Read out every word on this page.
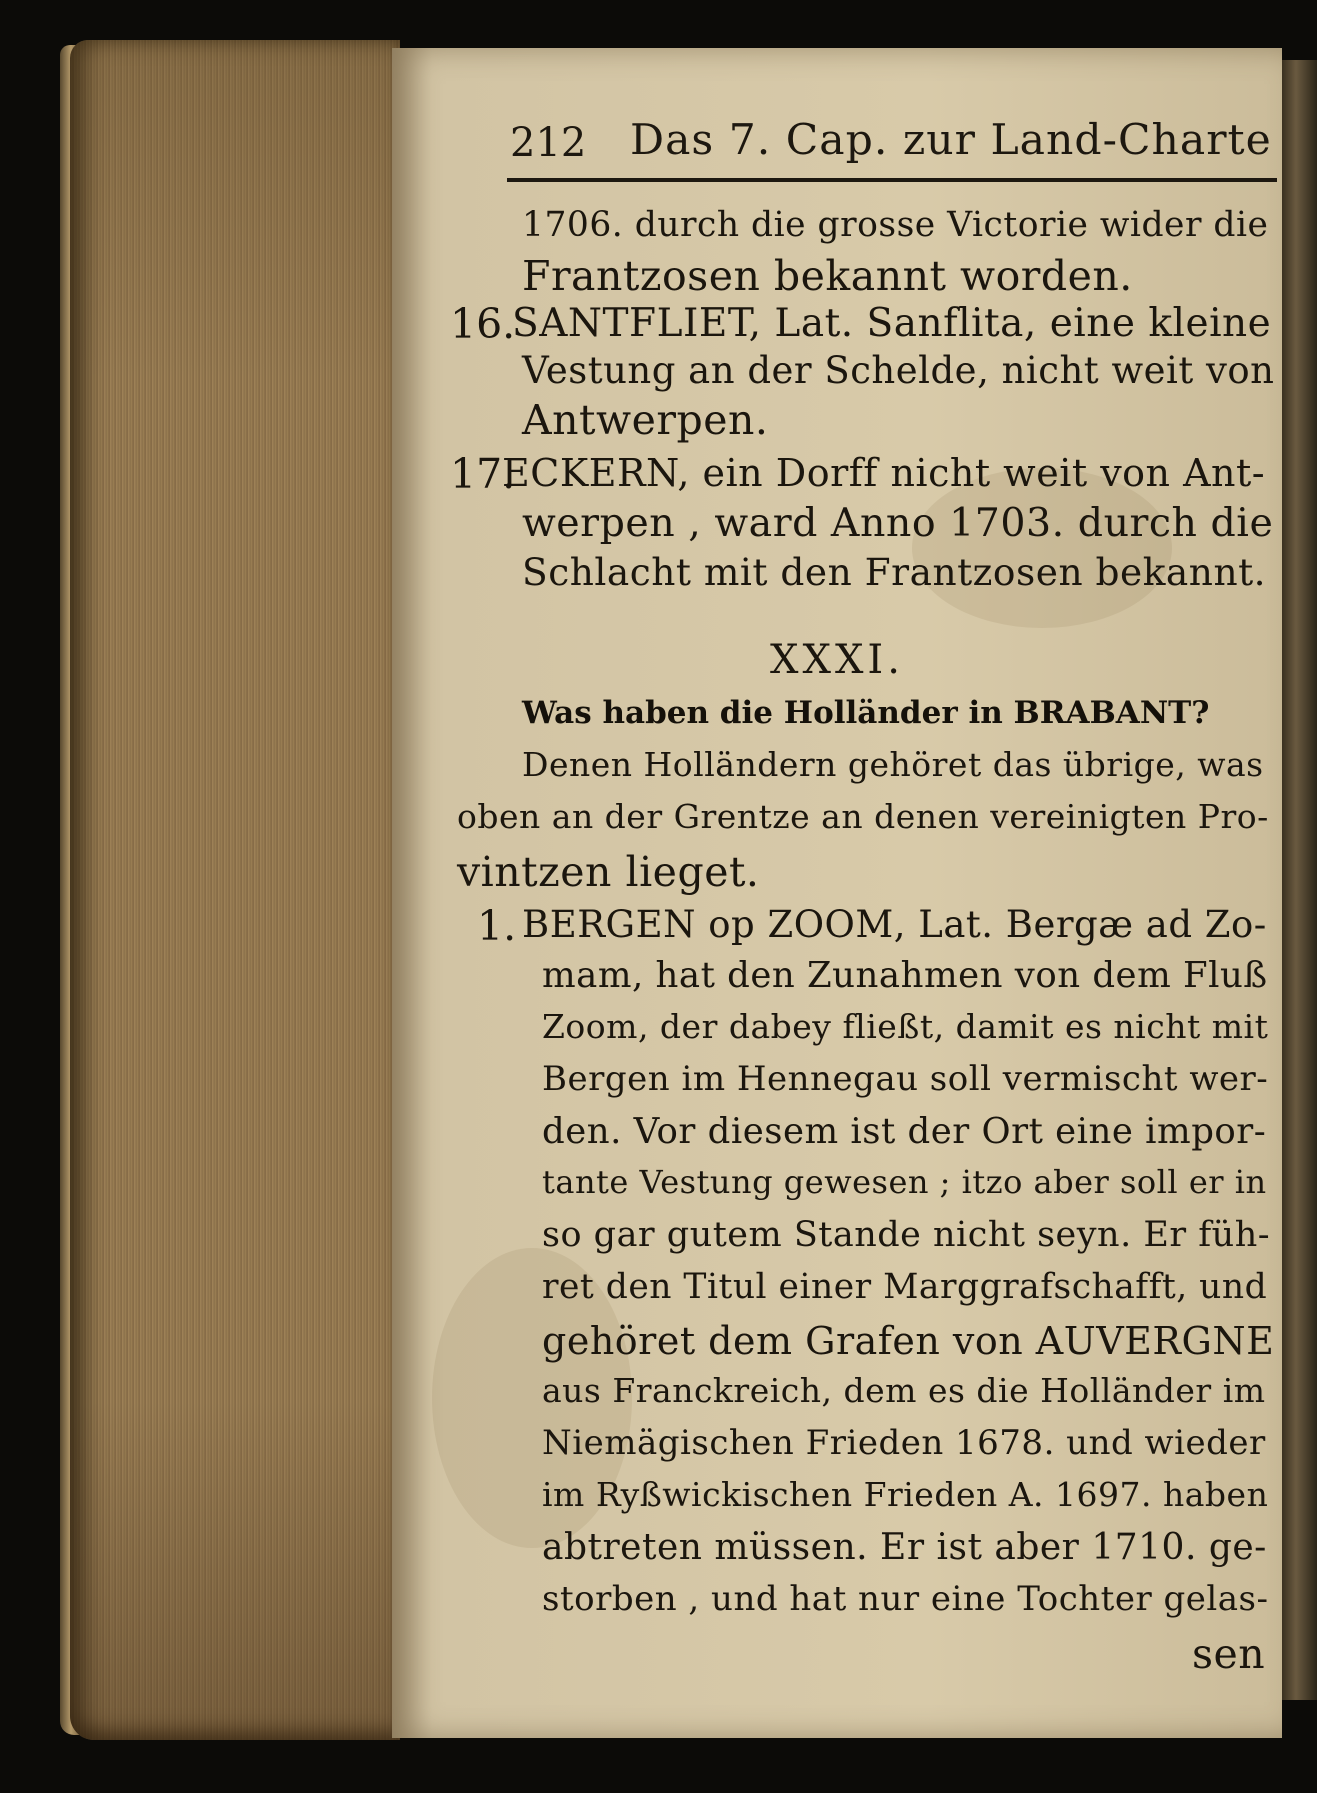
212 Das 7. Cap. zur Land-Charte
1706. durch die grosse Victorie wider die
Frantzosen bekannt worden.
16.
SANTFLIET, Lat. Sanflita, eine kleine
Vestung an der Schelde, nicht weit von
Antwerpen.
17.
ECKERN, ein Dorff nicht weit von Ant-
werpen , ward Anno 1703. durch die
Schlacht mit den Frantzosen bekannt.
XXXI.
Was haben die Holländer in BRABANT?
Denen Holländern gehöret das übrige, was
oben an der Grentze an denen vereinigten Pro-
vintzen lieget.
1. BERGEN op ZOOM, Lat. Bergæ ad Zo-
mam, hat den Zunahmen von dem Fluß
Zoom, der dabey fließt, damit es nicht mit
Bergen im Hennegau soll vermischt wer-
den. Vor diesem ist der Ort eine impor-
tante Vestung gewesen ; itzo aber soll er in
so gar gutem Stande nicht seyn. Er füh-
ret den Titul einer Marggrafschafft, und
gehöret dem Grafen von AUVERGNE
aus Franckreich, dem es die Holländer im
Niemägischen Frieden 1678. und wieder
im Ryßwickischen Frieden A. 1697. haben
abtreten müssen. Er ist aber 1710. ge-
storben , und hat nur eine Tochter gelas-
sen
